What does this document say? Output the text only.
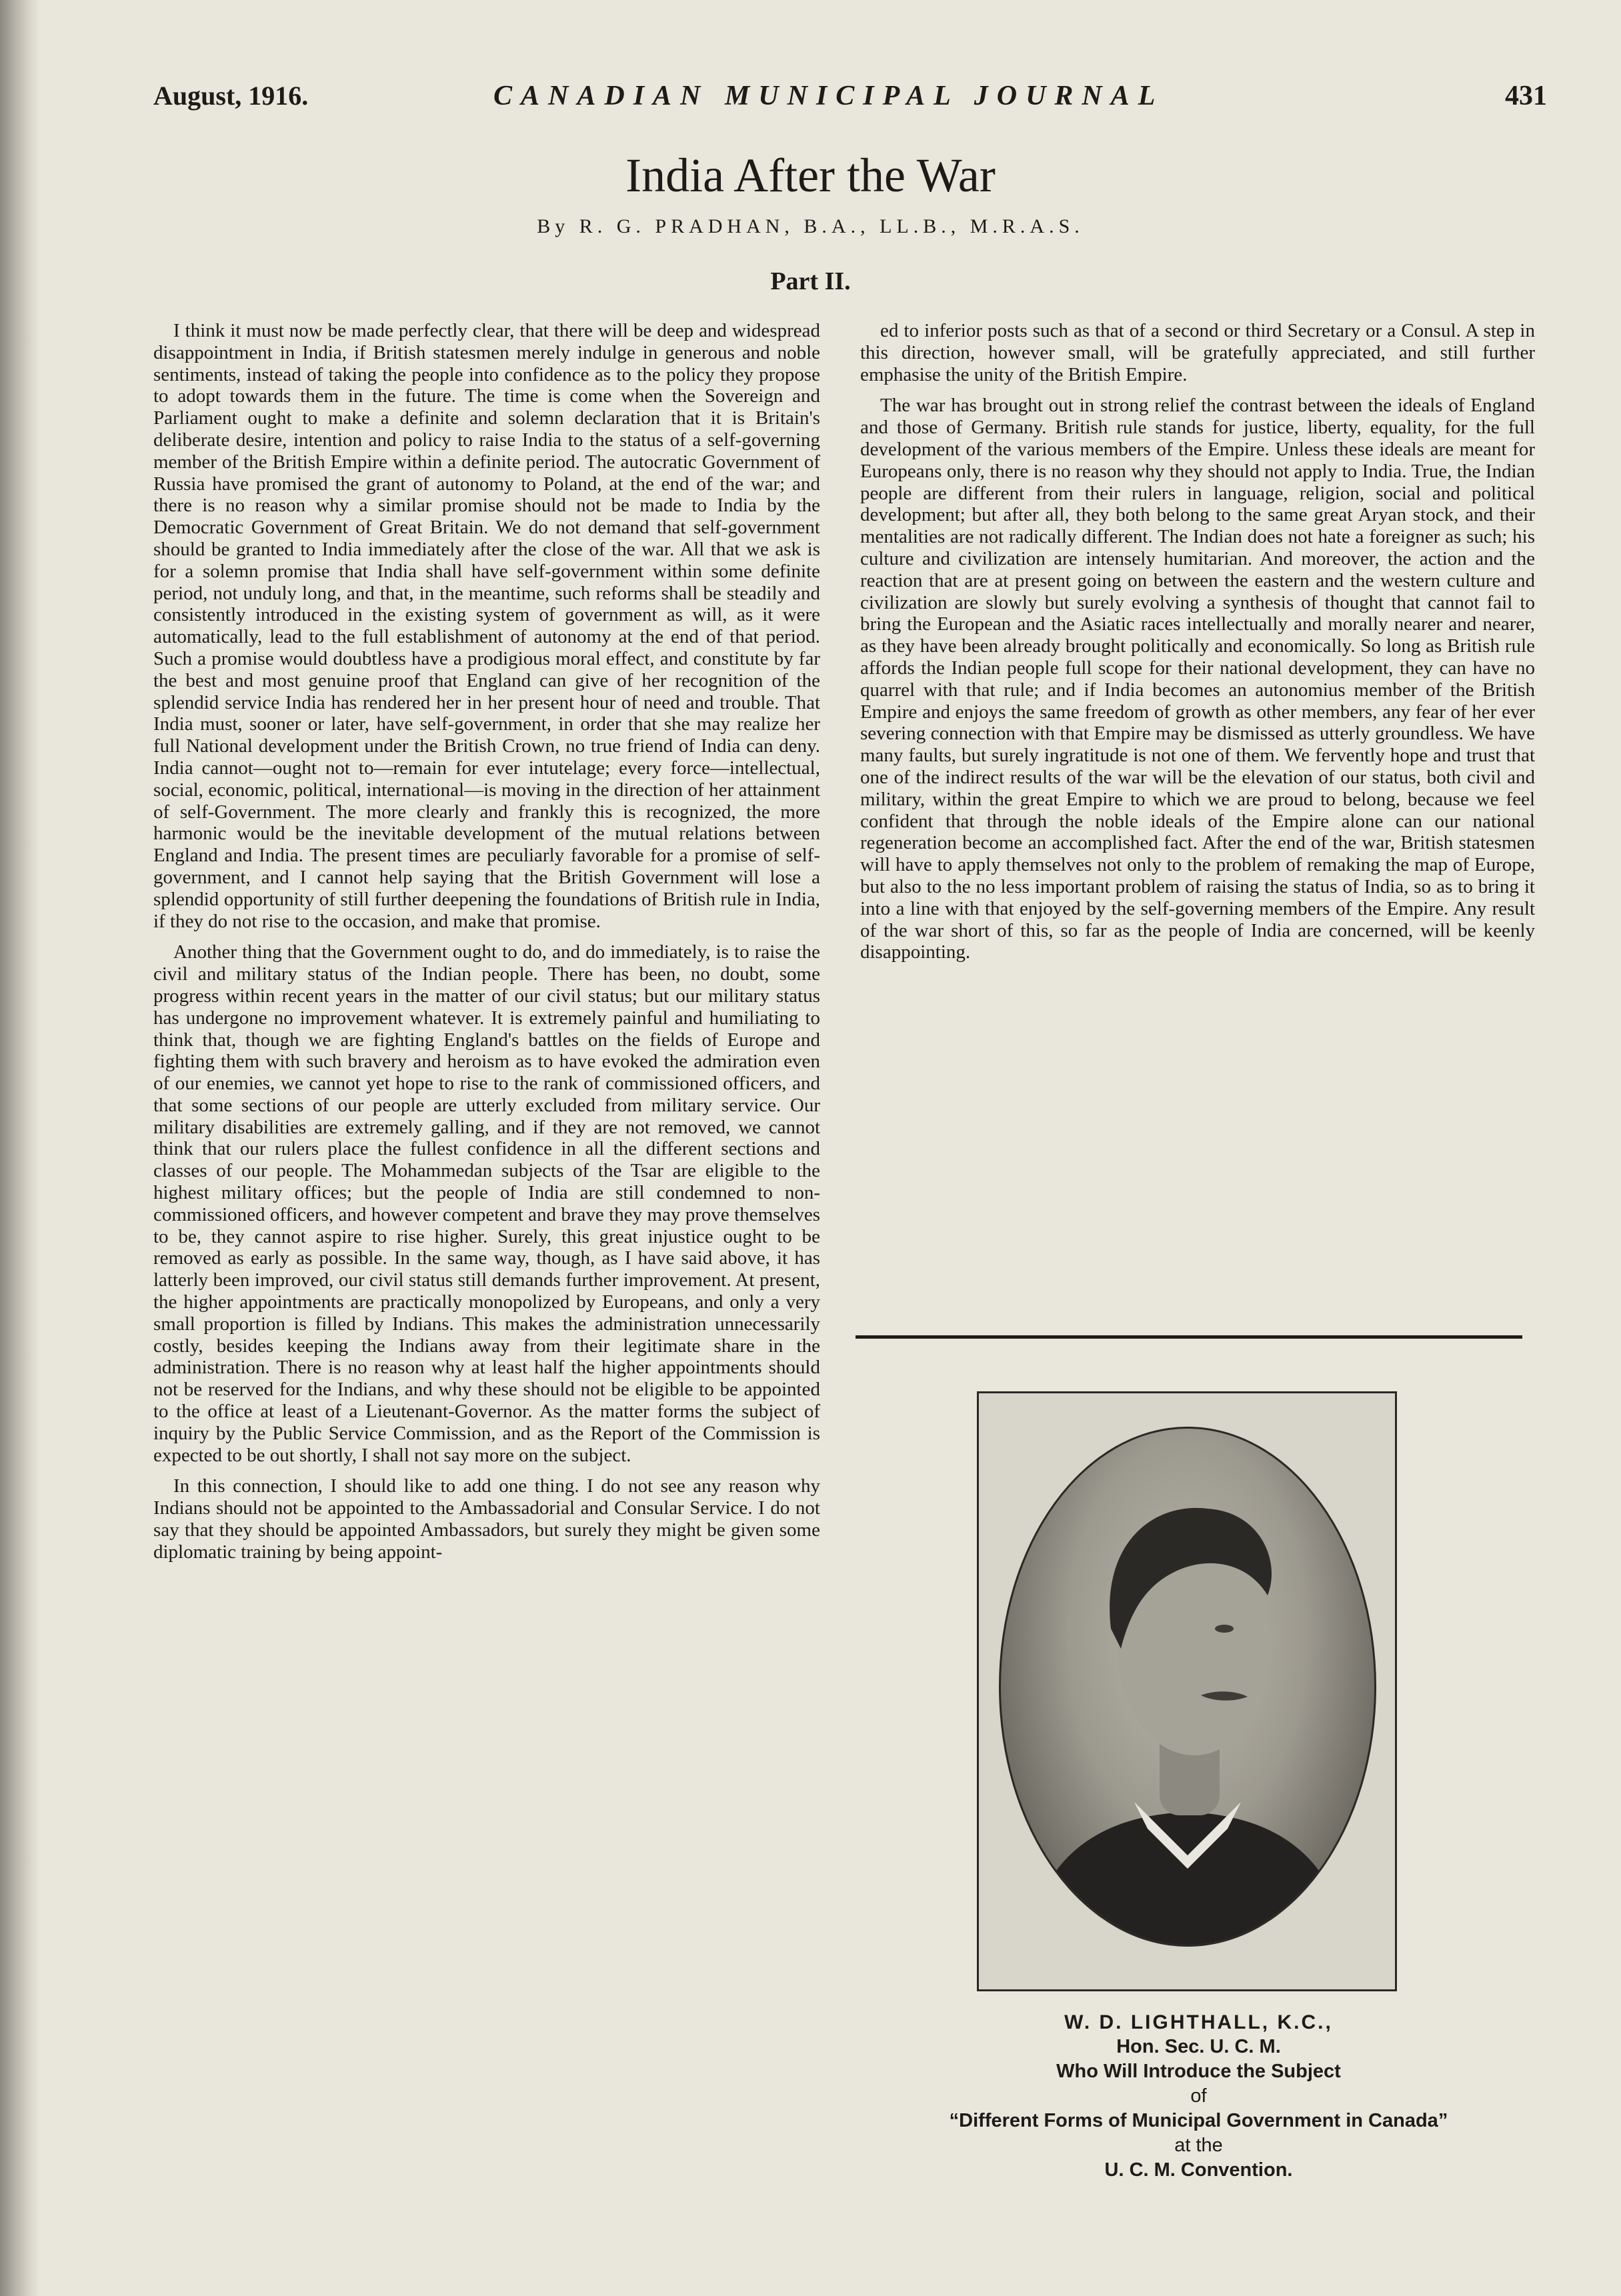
August, 1916.	CANADIAN MUNICIPAL JOURNAL	431
India After the War
By R. G. PRADHAN, B.A., LL.B., M.R.A.S.
Part II.

I think it must now be made perfectly clear, that there will be deep and widespread disappointment in India, if British statesmen merely indulge in generous and noble sentiments, instead of taking the people into confidence as to the policy they propose to adopt towards them in the future. The time is come when the Sovereign and Parliament ought to make a definite and solemn declaration that it is Britain's deliberate desire, intention and policy to raise India to the status of a self-governing member of the British Empire within a definite period. The autocratic Government of Russia have promised the grant of autonomy to Poland, at the end of the war; and there is no reason why a similar promise should not be made to India by the Democratic Government of Great Britain. We do not demand that self-government should be granted to India immediately after the close of the war. All that we ask is for a solemn promise that India shall have self-government within some definite period, not unduly long, and that, in the meantime, such reforms shall be steadily and consistently introduced in the existing system of government as will, as it were automatically, lead to the full establishment of autonomy at the end of that period. Such a promise would doubtless have a prodigious moral effect, and constitute by far the best and most genuine proof that England can give of her recognition of the splendid service India has rendered her in her present hour of need and trouble. That India must, sooner or later, have self-government, in order that she may realize her full National development under the British Crown, no true friend of India can deny. India cannot—ought not to—remain for ever intutelage; every force—intellectual, social, economic, political, international—is moving in the direction of her attainment of self-Government. The more clearly and frankly this is recognized, the more harmonic would be the inevitable development of the mutual relations between England and India. The present times are peculiarly favorable for a promise of self-government, and I cannot help saying that the British Government will lose a splendid opportunity of still further deepening the foundations of British rule in India, if they do not rise to the occasion, and make that promise.

Another thing that the Government ought to do, and do immediately, is to raise the civil and military status of the Indian people. There has been, no doubt, some progress within recent years in the matter of our civil status; but our military status has undergone no improvement whatever. It is extremely painful and humiliating to think that, though we are fighting England's battles on the fields of Europe and fighting them with such bravery and heroism as to have evoked the admiration even of our enemies, we cannot yet hope to rise to the rank of commissioned officers, and that some sections of our people are utterly excluded from military service. Our military disabilities are extremely galling, and if they are not removed, we cannot think that our rulers place the fullest confidence in all the different sections and classes of our people. The Mohammedan subjects of the Tsar are eligible to the highest military offices; but the people of India are still condemned to non-commissioned officers, and however competent and brave they may prove themselves to be, they cannot aspire to rise higher. Surely, this great injustice ought to be removed as early as possible. In the same way, though, as I have said above, it has latterly been improved, our civil status still demands further improvement. At present, the higher appointments are practically monopolized by Europeans, and only a very small proportion is filled by Indians. This makes the administration unnecessarily costly, besides keeping the Indians away from their legitimate share in the administration. There is no reason why at least half the higher appointments should not be reserved for the Indians, and why these should not be eligible to be appointed to the office at least of a Lieutenant-Governor. As the matter forms the subject of inquiry by the Public Service Commission, and as the Report of the Commission is expected to be out shortly, I shall not say more on the subject.

In this connection, I should like to add one thing. I do not see any reason why Indians should not be appointed to the Ambassadorial and Consular Service. I do not say that they should be appointed Ambassadors, but surely they might be given some diplomatic training by being appoint-

ed to inferior posts such as that of a second or third Secretary or a Consul. A step in this direction, however small, will be gratefully appreciated, and still further emphasise the unity of the British Empire.

The war has brought out in strong relief the contrast between the ideals of England and those of Germany. British rule stands for justice, liberty, equality, for the full development of the various members of the Empire. Unless these ideals are meant for Europeans only, there is no reason why they should not apply to India. True, the Indian people are different from their rulers in language, religion, social and political development; but after all, they both belong to the same great Aryan stock, and their mentalities are not radically different. The Indian does not hate a foreigner as such; his culture and civilization are intensely humitarian. And moreover, the action and the reaction that are at present going on between the eastern and the western culture and civilization are slowly but surely evolving a synthesis of thought that cannot fail to bring the European and the Asiatic races intellectually and morally nearer and nearer, as they have been already brought politically and economically. So long as British rule affords the Indian people full scope for their national development, they can have no quarrel with that rule; and if India becomes an autonomius member of the British Empire and enjoys the same freedom of growth as other members, any fear of her ever severing connection with that Empire may be dismissed as utterly groundless. We have many faults, but surely ingratitude is not one of them. We fervently hope and trust that one of the indirect results of the war will be the elevation of our status, both civil and military, within the great Empire to which we are proud to belong, because we feel confident that through the noble ideals of the Empire alone can our national regeneration become an accomplished fact. After the end of the war, British statesmen will have to apply themselves not only to the problem of remaking the map of Europe, but also to the no less important problem of raising the status of India, so as to bring it into a line with that enjoyed by the self-governing members of the Empire. Any result of the war short of this, so far as the people of India are concerned, will be keenly disappointing.

W. D. LIGHTHALL, K.C.,
Hon. Sec. U. C. M.
Who Will Introduce the Subject
of
“Different Forms of Municipal Government in Canada”
at the
U. C. M. Convention.
